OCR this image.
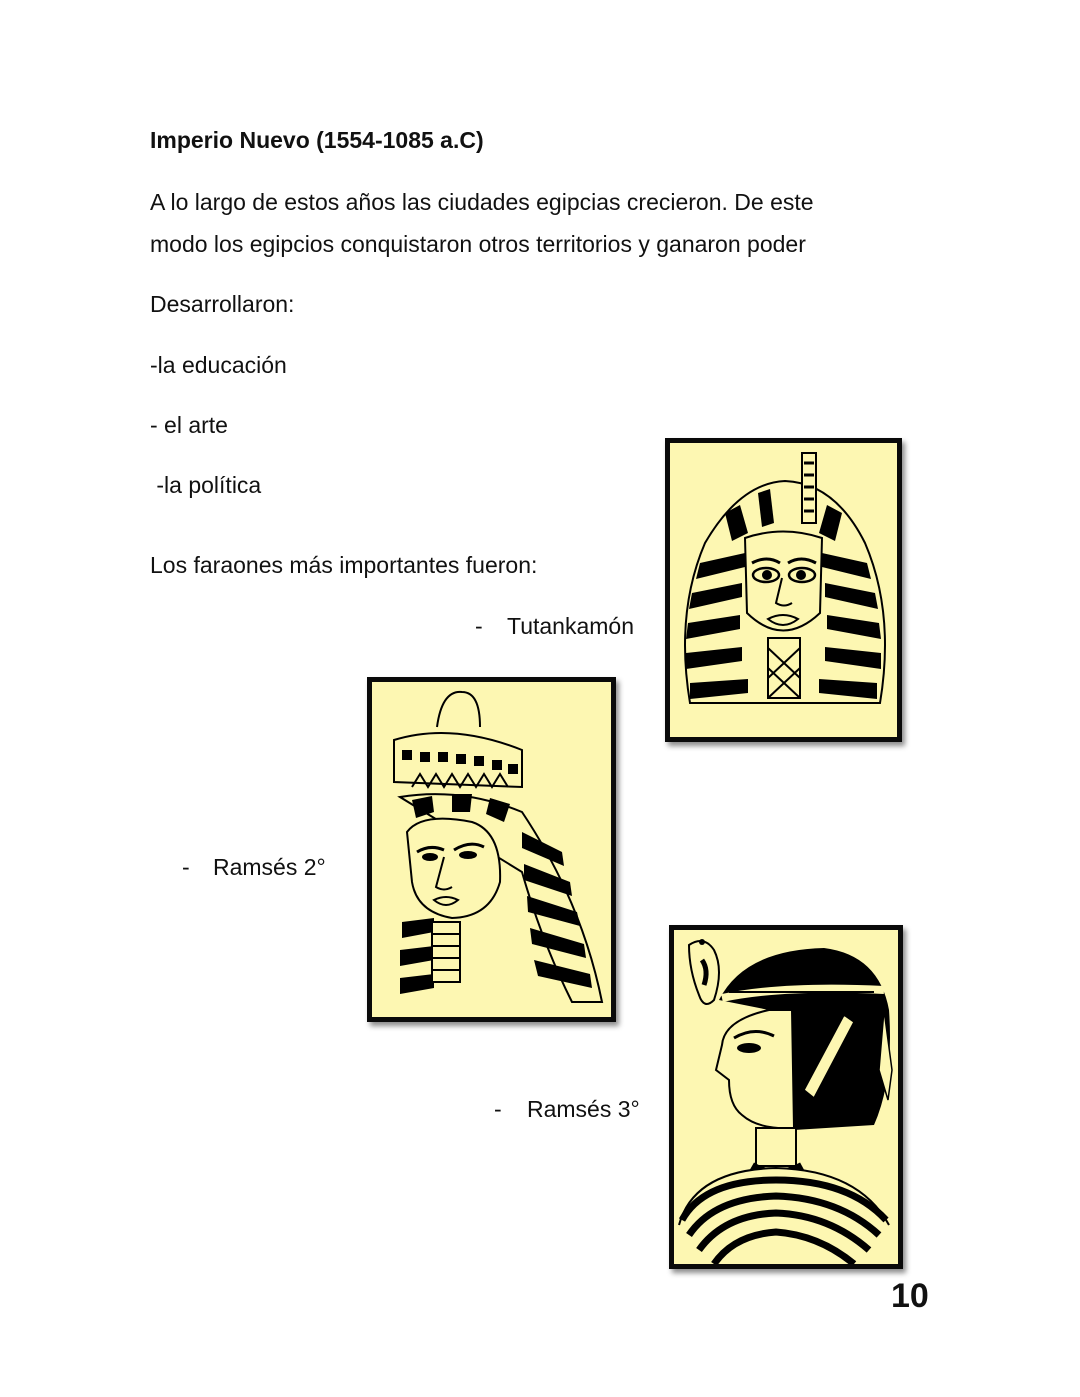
Imperio Nuevo (1554-1085 a.C)
A lo largo de estos años las ciudades egipcias crecieron. De este
modo los egipcios conquistaron otros territorios y ganaron poder
Desarrollaron:
-la educación
- el arte
-la política
Los faraones más importantes fueron:
- Tutankamón
- Ramsés 2°
- Ramsés 3°
10
